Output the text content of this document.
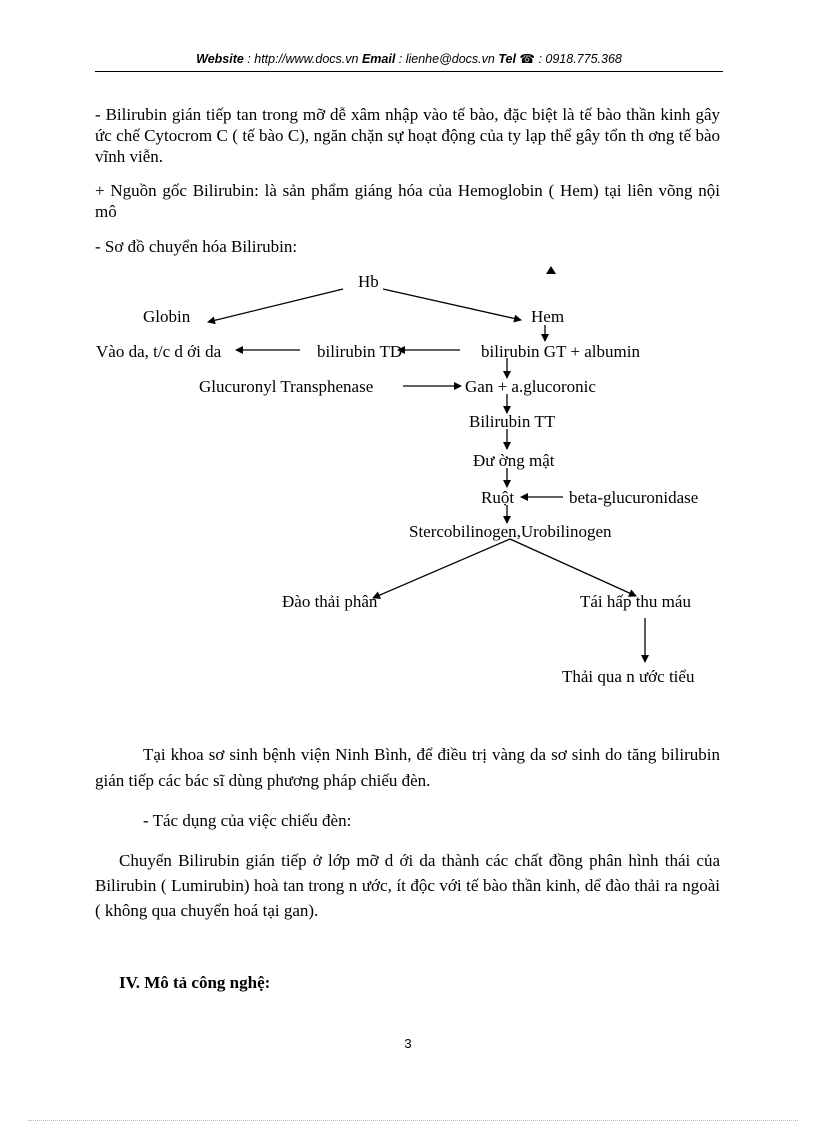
Website : http://www.docs.vn Email : lienhe@docs.vn Tel ☎ : 0918.775.368
- Bilirubin gián tiếp tan trong mỡ dễ xâm nhập vào tế bào, đặc biệt là tế bào thần kinh gây ức chế Cytocrom C ( tế bào C), ngăn chặn sự hoạt động của ty lạp thể gây tổn th ơng tế bào vĩnh viễn.
+ Nguồn gốc Bilirubin: là sản phẩm giáng hóa của Hemoglobin ( Hem) tại liên võng nội mô
- Sơ đồ chuyển hóa Bilirubin:
Hb
Globin	Hem
Vào da, t/c d ới da	bilirubin TD	bilirubin GT + albumin
Glucuronyl Transphenase	Gan + a.glucoronic
Bilirubin TT
Đư ờng mật
Ruột	beta-glucuronidase
Stercobilinogen,Urobilinogen
Đào thải phân	Tái hấp thu máu
Thải qua n ước tiểu
Tại khoa sơ sinh bệnh viện Ninh Bình, để điều trị vàng da sơ sinh do tăng bilirubin gián tiếp các bác sĩ dùng phương pháp chiếu đèn.
- Tác dụng của việc chiếu đèn:
Chuyển Bilirubin gián tiếp ở lớp mỡ d ới da thành các chất đồng phân hình thái của Bilirubin ( Lumirubin) hoà tan trong n ước, ít độc với tế bào thần kinh, dể đào thải ra ngoài ( không qua chuyển hoá tại gan).
IV. Mô tả công nghệ:
3
